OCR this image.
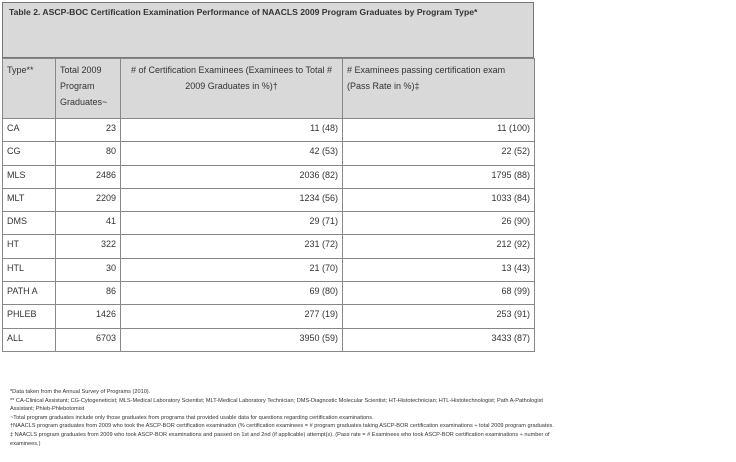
Table 2. ASCP-BOC Certification Examination Performance of NAACLS 2009 Program Graduates by Program Type*
Type**	Total 2009 Program Graduates~	# of Certification Examinees (Examinees to Total # 2009 Graduates in %)†	# Examinees passing certification exam (Pass Rate in %)‡
CA	23	11 (48)	11 (100)
CG	80	42 (53)	22 (52)
MLS	2486	2036 (82)	1795 (88)
MLT	2209	1234 (56)	1033 (84)
DMS	41	29 (71)	26 (90)
HT	322	231 (72)	212 (92)
HTL	30	21 (70)	13 (43)
PATH A	86	69 (80)	68 (99)
PHLEB	1426	277 (19)	253 (91)
ALL	6703	3950 (59)	3433 (87)
*Data taken from the Annual Survey of Programs (2010).
** CA-Clinical Assistant; CG-Cytogeneticist; MLS-Medical Laboratory Scientist; MLT-Medical Laboratory Technician; DMS-Diagnostic Molecular Scientist; HT-Histotechnician; HTL-Histotechnologist; Path A-Pathologist
Assistant; Phleb-Phlebotomist
~Total program graduates include only those graduates from programs that provided usable data for questions regarding certification examinations.
†NAACLS program graduates from 2009 who took the ASCP-BOR certification examination (% certification examinees = # program graduates taking ASCP-BOR certification examinations ÷ total 2009 program graduates.
‡ NAACLS program graduates from 2009 who took ASCP-BOR examinations and passed on 1st and 2nd (if applicable) attempt(s). (Pass rate = # Examinees who took ASCP-BOR certification examinations ÷ number of
examinees.)
